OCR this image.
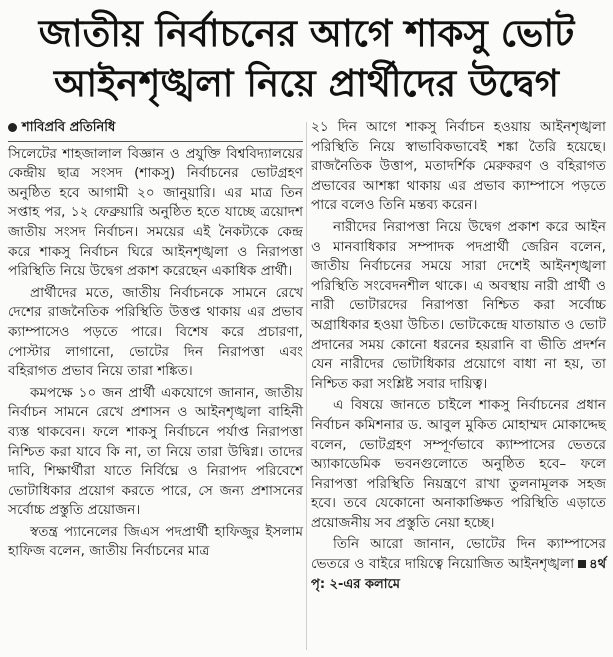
জাতীয় নির্বাচনের আগে শাকসু ভোট
আইনশৃঙ্খলা নিয়ে প্রার্থীদের উদ্বেগ
শাবিপ্রবি প্রতিনিধি

সিলেটের শাহজালাল বিজ্ঞান ও প্রযুক্তি বিশ্ববিদ্যালয়ের কেন্দ্রীয় ছাত্র সংসদ (শাকসু) নির্বাচনের ভোটগ্রহণ অনুষ্ঠিত হবে আগামী ২০ জানুয়ারি। এর মাত্র তিন সপ্তাহ পর, ১২ ফেব্রুয়ারি অনুষ্ঠিত হতে যাচ্ছে ত্রয়োদশ জাতীয় সংসদ নির্বাচন। সময়ের এই নৈকট্যকে কেন্দ্র করে শাকসু নির্বাচন ঘিরে আইনশৃঙ্খলা ও নিরাপত্তা পরিস্থিতি নিয়ে উদ্বেগ প্রকাশ করেছেন একাধিক প্রার্থী।

প্রার্থীদের মতে, জাতীয় নির্বাচনকে সামনে রেখে দেশের রাজনৈতিক পরিস্থিতি উত্তপ্ত থাকায় এর প্রভাব ক্যাম্পাসেও পড়তে পারে। বিশেষ করে প্রচারণা, পোস্টার লাগানো, ভোটের দিন নিরাপত্তা এবং বহিরাগত প্রভাব নিয়ে তারা শঙ্কিত।

কমপক্ষে ১০ জন প্রার্থী একযোগে জানান, জাতীয় নির্বাচন সামনে রেখে প্রশাসন ও আইনশৃঙ্খলা বাহিনী ব্যস্ত থাকবেন। ফলে শাকসু নির্বাচনে পর্যাপ্ত নিরাপত্তা নিশ্চিত করা যাবে কি না, তা নিয়ে তারা উদ্বিগ্ন। তাদের দাবি, শিক্ষার্থীরা যাতে নির্বিঘ্নে ও নিরাপদ পরিবেশে ভোটাধিকার প্রয়োগ করতে পারে, সে জন্য প্রশাসনের সর্বোচ্চ প্রস্তুতি প্রয়োজন।

স্বতন্ত্র প্যানেলের জিএস পদপ্রার্থী হাফিজুর ইসলাম হাফিজ বলেন, জাতীয় নির্বাচনের মাত্র

২১ দিন আগে শাকসু নির্বাচন হওয়ায় আইনশৃঙ্খলা পরিস্থিতি নিয়ে স্বাভাবিকভাবেই শঙ্কা তৈরি হয়েছে। রাজনৈতিক উত্তাপ, মতাদর্শিক মেরুকরণ ও বহিরাগত প্রভাবের আশঙ্কা থাকায় এর প্রভাব ক্যাম্পাসে পড়তে পারে বলেও তিনি মন্তব্য করেন।

নারীদের নিরাপত্তা নিয়ে উদ্বেগ প্রকাশ করে আইন ও মানবাধিকার সম্পাদক পদপ্রার্থী জেরিন বলেন, জাতীয় নির্বাচনের সময়ে সারা দেশেই আইনশৃঙ্খলা পরিস্থিতি সংবেদনশীল থাকে। এ অবস্থায় নারী প্রার্থী ও নারী ভোটারদের নিরাপত্তা নিশ্চিত করা সর্বোচ্চ অগ্রাধিকার হওয়া উচিত। ভোটকেন্দ্রে যাতায়াত ও ভোট প্রদানের সময় কোনো ধরনের হয়রানি বা ভীতি প্রদর্শন যেন নারীদের ভোটাধিকার প্রয়োগে বাধা না হয়, তা নিশ্চিত করা সংশ্লিষ্ট সবার দায়িত্ব।

এ বিষয়ে জানতে চাইলে শাকসু নির্বাচনের প্রধান নির্বাচন কমিশনার ড. আবুল মুকিত মোহাম্মদ মোকাদ্দেছ বলেন, ভোটগ্রহণ সম্পূর্ণভাবে ক্যাম্পাসের ভেতরে অ্যাকাডেমিক ভবনগুলোতে অনুষ্ঠিত হবে– ফলে নিরাপত্তা পরিস্থিতি নিয়ন্ত্রণে রাখা তুলনামূলক সহজ হবে। তবে যেকোনো অনাকাঙ্ক্ষিত পরিস্থিতি এড়াতে প্রয়োজনীয় সব প্রস্তুতি নেয়া হচ্ছে।

তিনি আরো জানান, ভোটের দিন ক্যাম্পাসের ভেতরে ও বাইরে দায়িত্বে নিয়োজিত আইনশৃঙ্খলা ৪র্থ পৃ: ২-এর কলামে
